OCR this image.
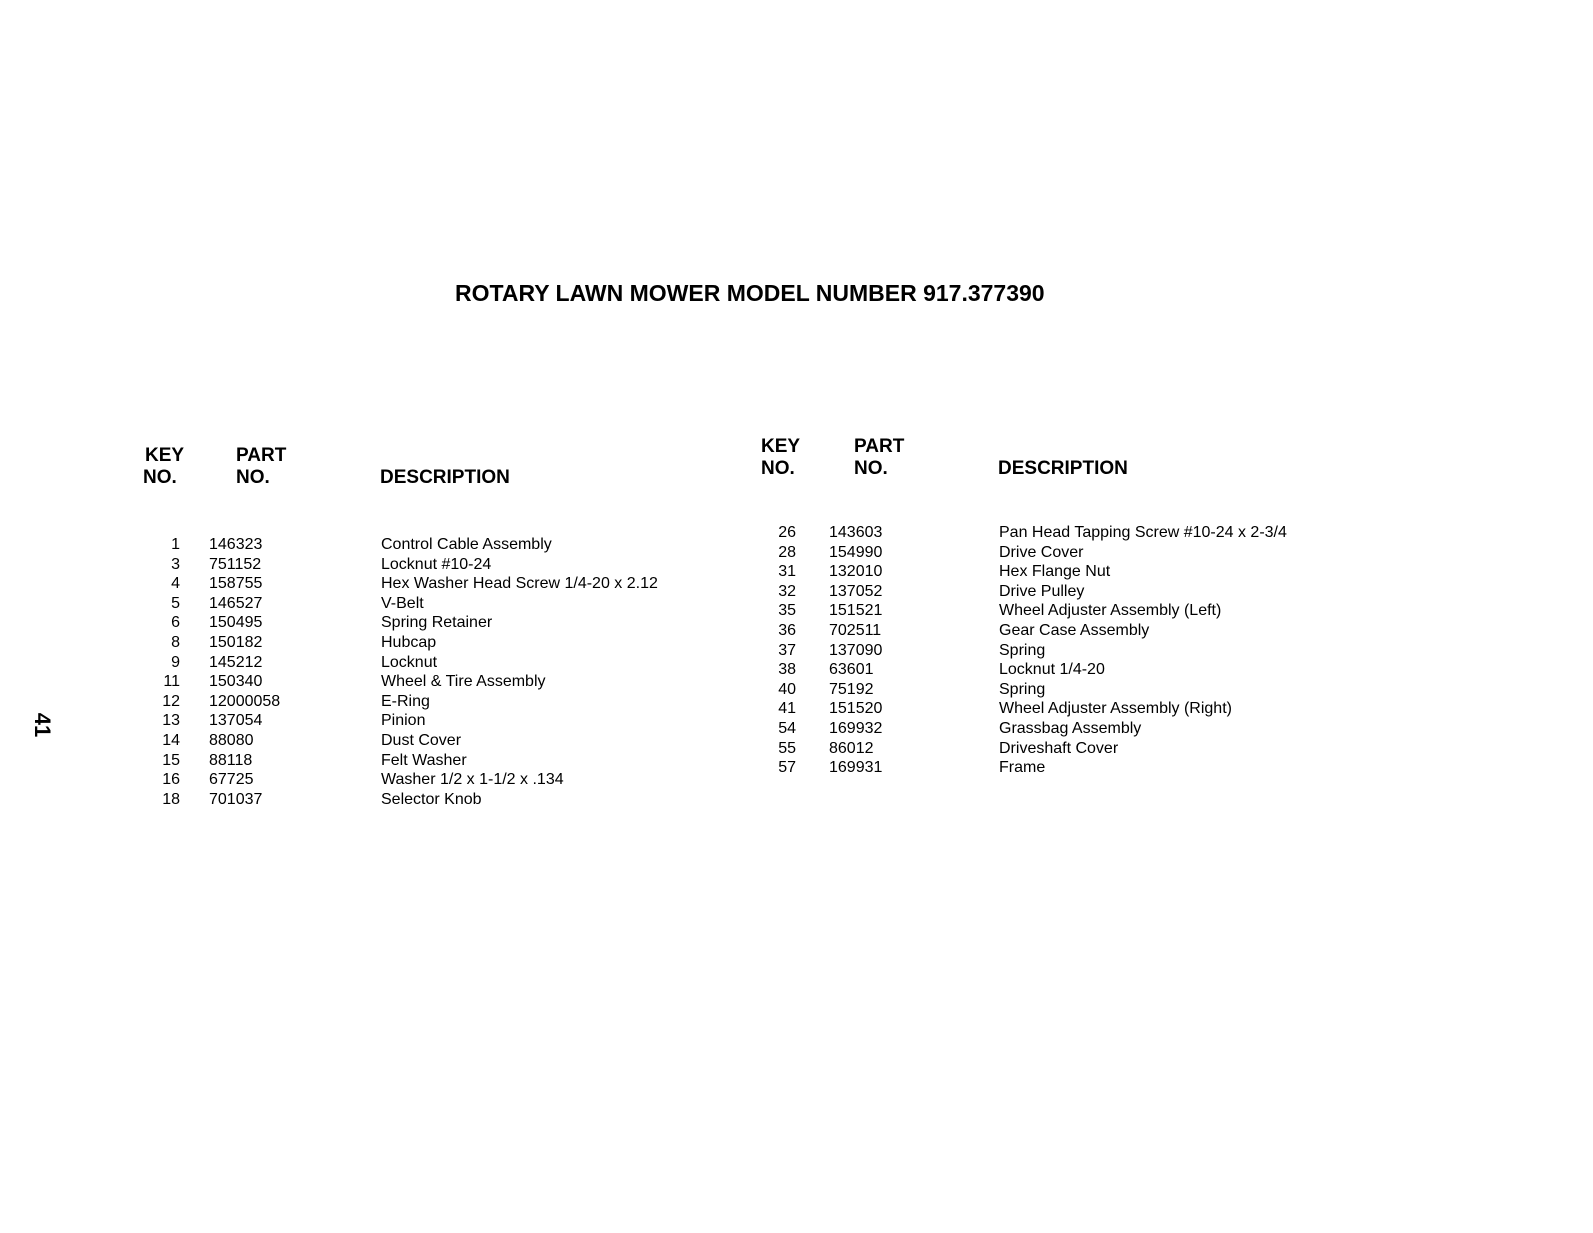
ROTARY LAWN MOWER MODEL NUMBER 917.377390
41
KEY
NO.
PART
NO.	DESCRIPTION
1 146323	Control Cable Assembly
3 751152	Locknut #10-24
4 158755	Hex Washer Head Screw 1/4-20 x 2.12
5 146527	V-Belt
6 150495	Spring Retainer
8 150182	Hubcap
9 145212	Locknut
11 150340	Wheel & Tire Assembly
12 12000058	E-Ring
13 137054	Pinion
14 88080	Dust Cover
15 88118	Felt Washer
16 67725	Washer 1/2 x 1-1/2 x .134
18 701037	Selector Knob
KEY
NO.
PART
NO.	DESCRIPTION
26 143603	Pan Head Tapping Screw #10-24 x 2-3/4
28 154990	Drive Cover
31 132010	Hex Flange Nut
32 137052	Drive Pulley
35 151521	Wheel Adjuster Assembly (Left)
36 702511	Gear Case Assembly
37 137090	Spring
38 63601	Locknut 1/4-20
40 75192	Spring
41 151520	Wheel Adjuster Assembly (Right)
54 169932	Grassbag Assembly
55 86012	Driveshaft Cover
57 169931	Frame
